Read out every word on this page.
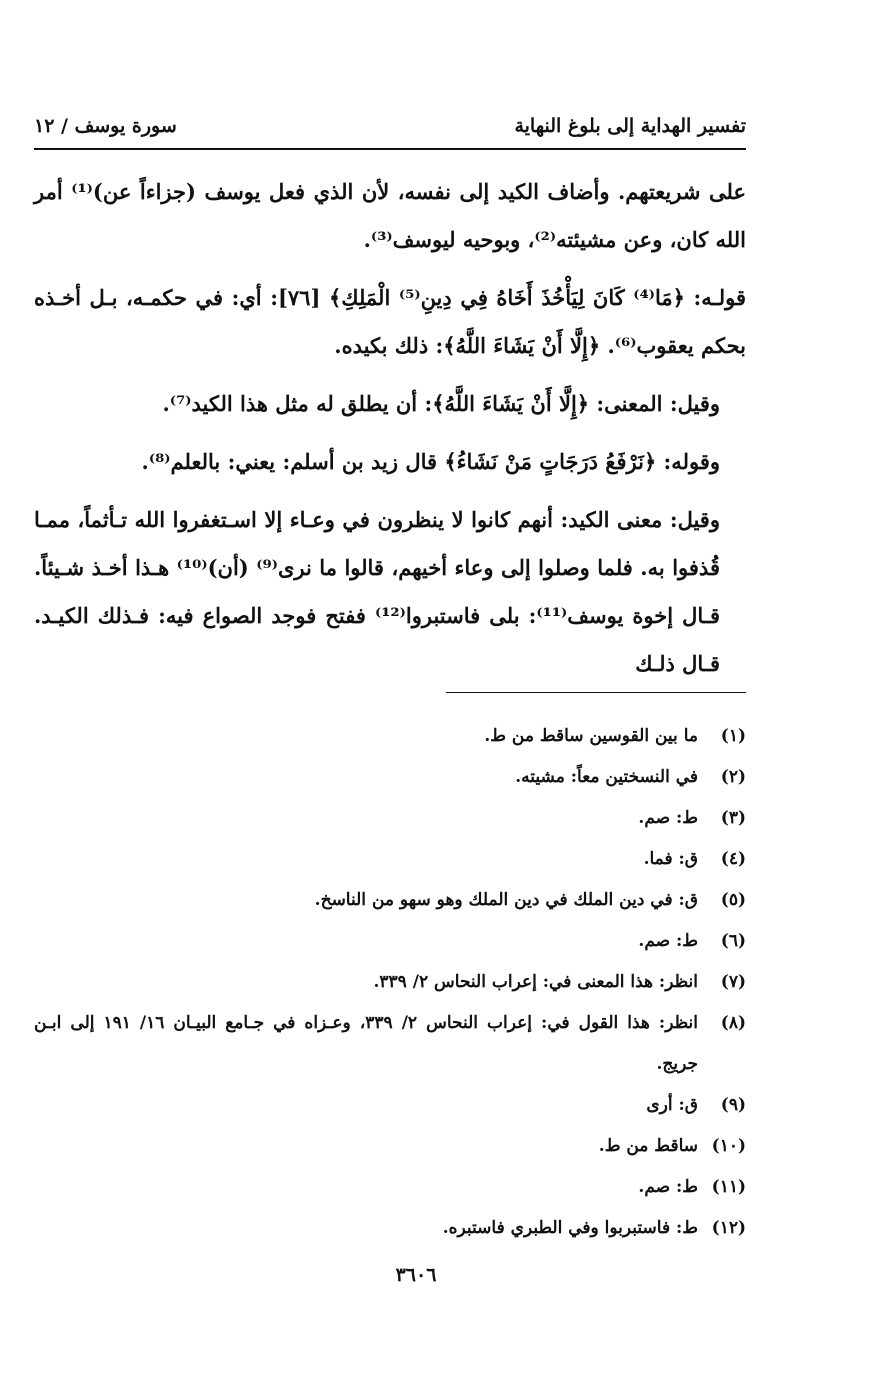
تفسير الهداية إلى بلوغ النهاية
سورة يوسف / ١٢

على شريعتهم. وأضاف الكيد إلى نفسه، لأن الذي فعل يوسف (جزاءاً عن)⁽¹⁾ أمر الله كان، وعن مشيئته⁽²⁾، وبوحيه ليوسف⁽³⁾.

قولـه: ﴿مَا⁽⁴⁾ كَانَ لِيَأْخُذَ أَخَاهُ فِي دِينِ⁽⁵⁾ الْمَلِكِ﴾ [٧٦]: أي: في حكمـه، بـل أخـذه بحكم يعقوب⁽⁶⁾. ﴿إِلَّا أَنْ يَشَاءَ اللَّهُ﴾: ذلك بكيده.

وقيل: المعنى: ﴿إِلَّا أَنْ يَشَاءَ اللَّهُ﴾: أن يطلق له مثل هذا الكيد⁽⁷⁾.

وقوله: ﴿نَرْفَعُ دَرَجَاتٍ مَنْ نَشَاءُ﴾ قال زيد بن أسلم: يعني: بالعلم⁽⁸⁾.

وقيل: معنى الكيد: أنهم كانوا لا ينظرون في وعـاء إلا اسـتغفروا الله تـأثماً، ممـا قُذفوا به. فلما وصلوا إلى وعاء أخيهم، قالوا ما نرى⁽⁹⁾ (أن)⁽¹⁰⁾ هـذا أخـذ شـيئاً. قـال إخوة يوسف⁽¹¹⁾: بلى فاستبروا⁽¹²⁾ ففتح فوجد الصواع فيه: فـذلك الكيـد. قـال ذلـك

(١)
ما بين القوسين ساقط من ط.
(٢)
في النسختين معاً: مشيته.
(٣)
ط: صم.
(٤)
ق: فما.
(٥)
ق: في دين الملك في دين الملك وهو سهو من الناسخ.
(٦)
ط: صم.
(٧)
انظر: هذا المعنى في: إعراب النحاس ٢/ ٣٣٩.
(٨)
انظر: هذا القول في: إعراب النحاس ٢/ ٣٣٩، وعـزاه في جـامع البيـان ١٦/ ١٩١ إلى ابـن جريج.
(٩)
ق: أرى
(١٠)
ساقط من ط.
(١١)
ط: صم.
(١٢)
ط: فاستبربوا وفي الطبري فاستبره.
٣٦٠٦
